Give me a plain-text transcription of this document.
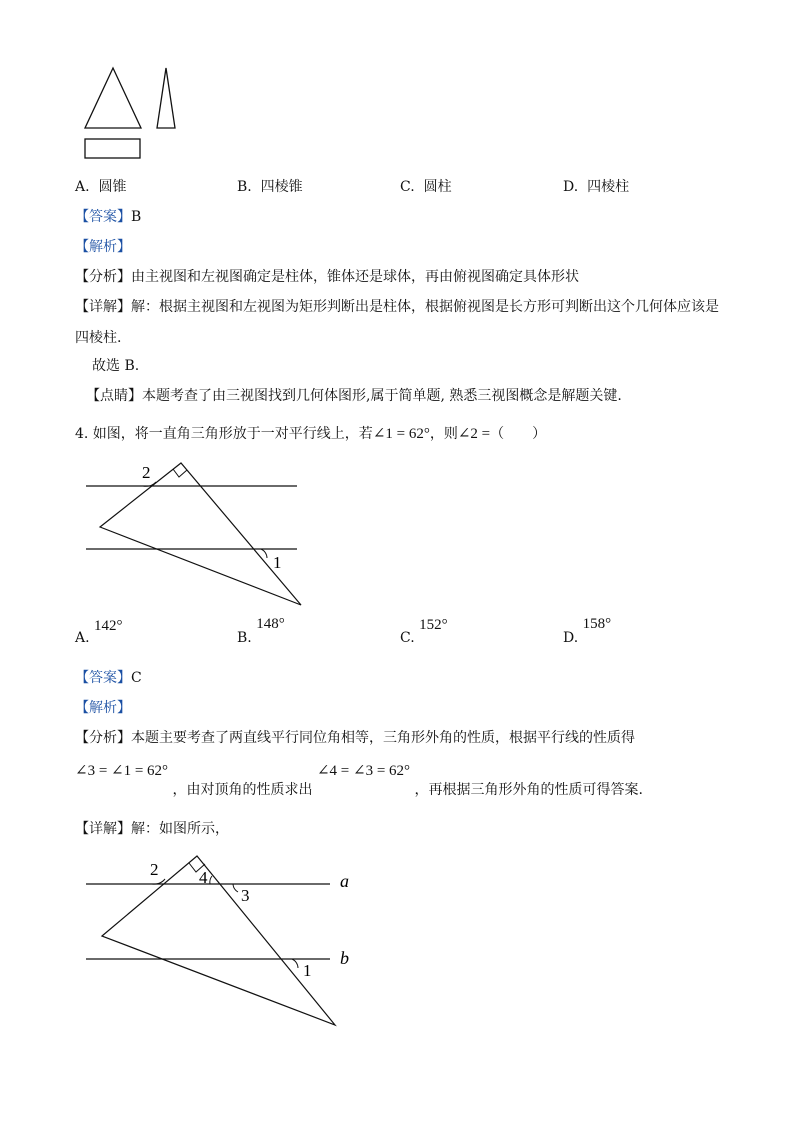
A. 圆锥	B. 四棱锥	C. 圆柱	D. 四棱柱
【答案】B
【解析】
【分析】由主视图和左视图确定是柱体，锥体还是球体，再由俯视图确定具体形状
【详解】解：根据主视图和左视图为矩形判断出是柱体，根据俯视图是长方形可判断出这个几何体应该是
四棱柱.
故选 B.
【点睛】本题考查了由三视图找到几何体图形,属于简单题, 熟悉三视图概念是解题关键.
4. 如图，将一直角三角形放于一对平行线上，若∠1 = 62°，则∠2 =（　　）
2
1
A. 142°
B. 148°
C. 152°
D. 158°
【答案】C
【解析】
【分析】本题主要考查了两直线平行同位角相等，三角形外角的性质，根据平行线的性质得
∠3 = ∠1 = 62° ，由对顶角的性质求出 ∠4 = ∠3 = 62° ，再根据三角形外角的性质可得答案.
【详解】解：如图所示，
2 4
3
1
a
b
